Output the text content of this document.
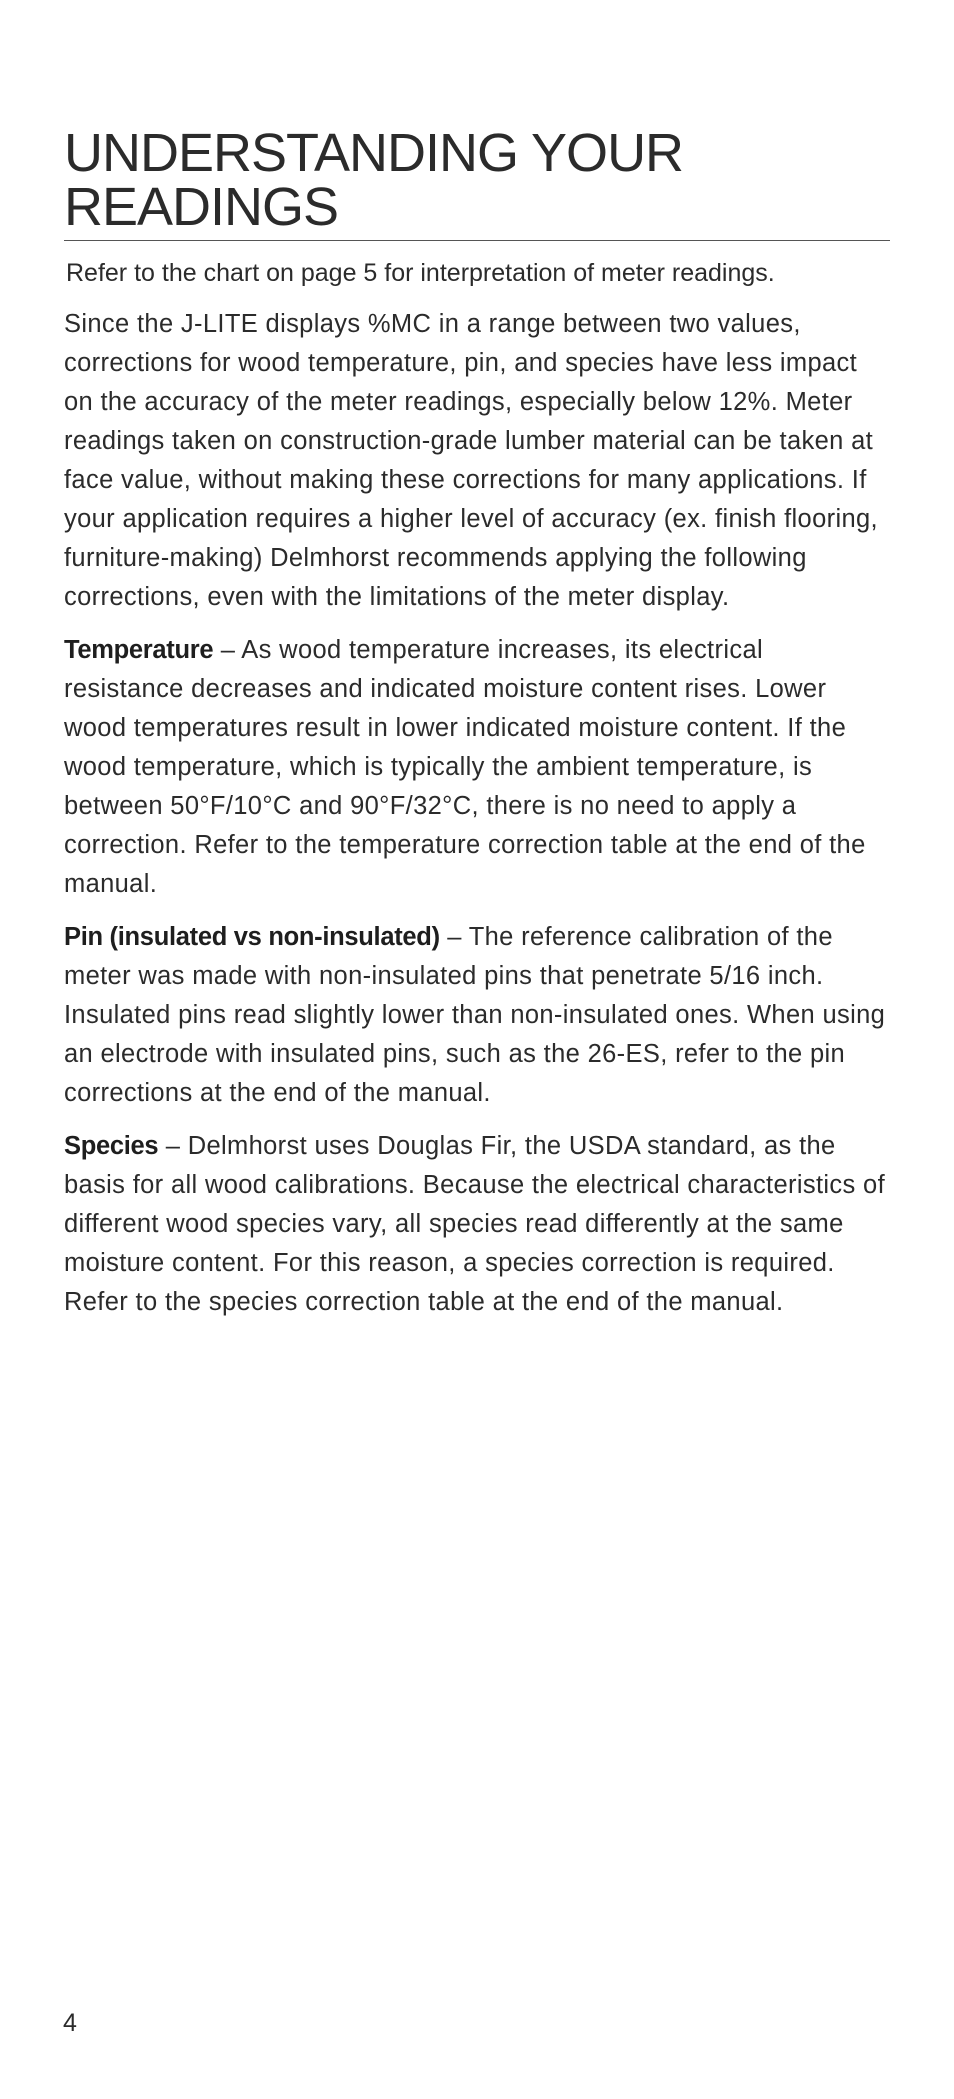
UNDERSTANDING YOUR READINGS

Refer to the chart on page 5 for interpretation of meter readings.

Since the J-LITE displays %MC in a range between two values, corrections for wood temperature, pin, and species have less impact on the accuracy of the meter readings, especially below 12%. Meter readings taken on construction-grade lumber material can be taken at face value, without making these corrections for many applications. If your application requires a higher level of accuracy (ex. finish flooring, furniture-making) Delmhorst recommends applying the following corrections, even with the limitations of the meter display.

Temperature – As wood temperature increases, its electrical resistance decreases and indicated moisture content rises. Lower wood temperatures result in lower indicated moisture content. If the wood temperature, which is typically the ambient temperature, is between 50°F/10°C and 90°F/32°C, there is no need to apply a correction. Refer to the temperature correction table at the end of the manual.

Pin (insulated vs non-insulated) – The reference calibration of the meter was made with non-insulated pins that penetrate 5/16 inch. Insulated pins read slightly lower than non-insulated ones. When using an electrode with insulated pins, such as the 26-ES, refer to the pin corrections at the end of the manual.

Species – Delmhorst uses Douglas Fir, the USDA standard, as the basis for all wood calibrations. Because the electrical characteristics of different wood species vary, all species read differently at the same moisture content. For this reason, a species correction is required. Refer to the species correction table at the end of the manual.

4
